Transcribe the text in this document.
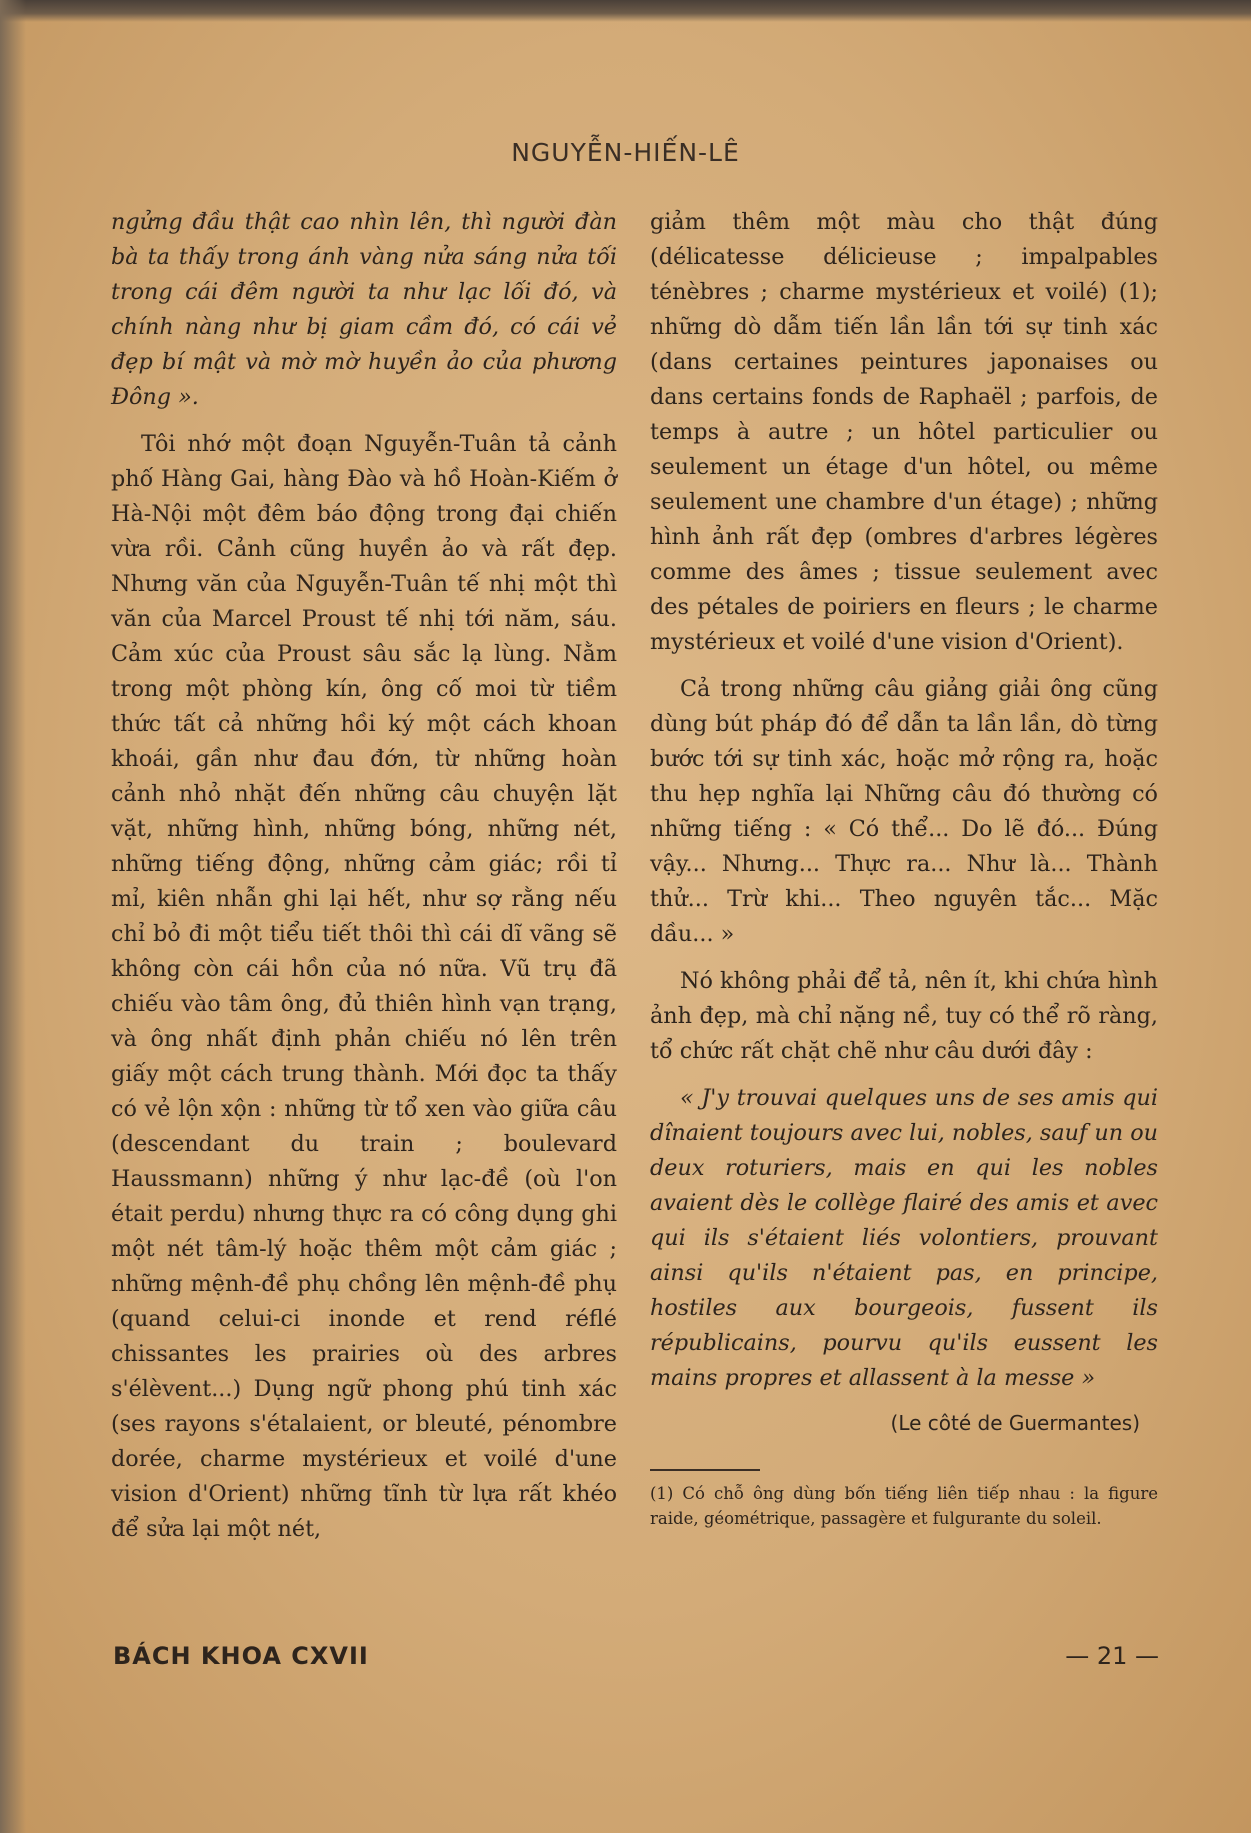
NGUYỄN-HIẾN-LÊ

ngửng đầu thật cao nhìn lên, thì người đàn bà ta thấy trong ánh vàng nửa sáng nửa tối trong cái đêm người ta như lạc lối đó, và chính nàng như bị giam cầm đó, có cái vẻ đẹp bí mật và mờ mờ huyền ảo của phương Đông ».

Tôi nhớ một đoạn Nguyễn-Tuân tả cảnh phố Hàng Gai, hàng Đào và hồ Hoàn-Kiếm ở Hà-Nội một đêm báo động trong đại chiến vừa rồi. Cảnh cũng huyền ảo và rất đẹp. Nhưng văn của Nguyễn-Tuân tế nhị một thì văn của Marcel Proust tế nhị tới năm, sáu. Cảm xúc của Proust sâu sắc lạ lùng. Nằm trong một phòng kín, ông cố moi từ tiềm thức tất cả những hồi ký một cách khoan khoái, gần như đau đớn, từ những hoàn cảnh nhỏ nhặt đến những câu chuyện lặt vặt, những hình, những bóng, những nét, những tiếng động, những cảm giác; rồi tỉ mỉ, kiên nhẫn ghi lại hết, như sợ rằng nếu chỉ bỏ đi một tiểu tiết thôi thì cái dĩ vãng sẽ không còn cái hồn của nó nữa. Vũ trụ đã chiếu vào tâm ông, đủ thiên hình vạn trạng, và ông nhất định phản chiếu nó lên trên giấy một cách trung thành. Mới đọc ta thấy có vẻ lộn xộn : những từ tổ xen vào giữa câu (descendant du train ; boulevard Haussmann) những ý như lạc-đề (où l'on était perdu) nhưng thực ra có công dụng ghi một nét tâm-lý hoặc thêm một cảm giác ; những mệnh-đề phụ chồng lên mệnh-đề phụ (quand celui-ci inonde et rend réflé chissantes les prairies où des arbres s'élèvent...) Dụng ngữ phong phú tinh xác (ses rayons s'étalaient, or bleuté, pénombre dorée, charme mystérieux et voilé d'une vision d'Orient) những tĩnh từ lựa rất khéo để sửa lại một nét,

giảm thêm một màu cho thật đúng (délicatesse délicieuse ; impalpables ténèbres ; charme mystérieux et voilé) (1); những dò dẫm tiến lần lần tới sự tinh xác (dans certaines peintures japonaises ou dans certains fonds de Raphaël ; parfois, de temps à autre ; un hôtel particulier ou seulement un étage d'un hôtel, ou même seulement une chambre d'un étage) ; những hình ảnh rất đẹp (ombres d'arbres légères comme des âmes ; tissue seulement avec des pétales de poiriers en fleurs ; le charme mystérieux et voilé d'une vision d'Orient).

Cả trong những câu giảng giải ông cũng dùng bút pháp đó để dẫn ta lần lần, dò từng bước tới sự tinh xác, hoặc mở rộng ra, hoặc thu hẹp nghĩa lại Những câu đó thường có những tiếng : « Có thể... Do lẽ đó... Đúng vậy... Nhưng... Thực ra... Như là... Thành thử... Trừ khi... Theo nguyên tắc... Mặc dầu... »

Nó không phải để tả, nên ít, khi chứa hình ảnh đẹp, mà chỉ nặng nề, tuy có thể rõ ràng, tổ chức rất chặt chẽ như câu dưới đây :

« J'y trouvai quelques uns de ses amis qui dînaient toujours avec lui, nobles, sauf un ou deux roturiers, mais en qui les nobles avaient dès le collège flairé des amis et avec qui ils s'étaient liés volontiers, prouvant ainsi qu'ils n'étaient pas, en principe, hostiles aux bourgeois, fussent ils républicains, pourvu qu'ils eussent les mains propres et allassent à la messe »

(Le côté de Guermantes)

(1) Có chỗ ông dùng bốn tiếng liên tiếp nhau : la figure raide, géométrique, passagère et fulgurante du soleil.

BÁCH KHOA CXVII	— 21 —
